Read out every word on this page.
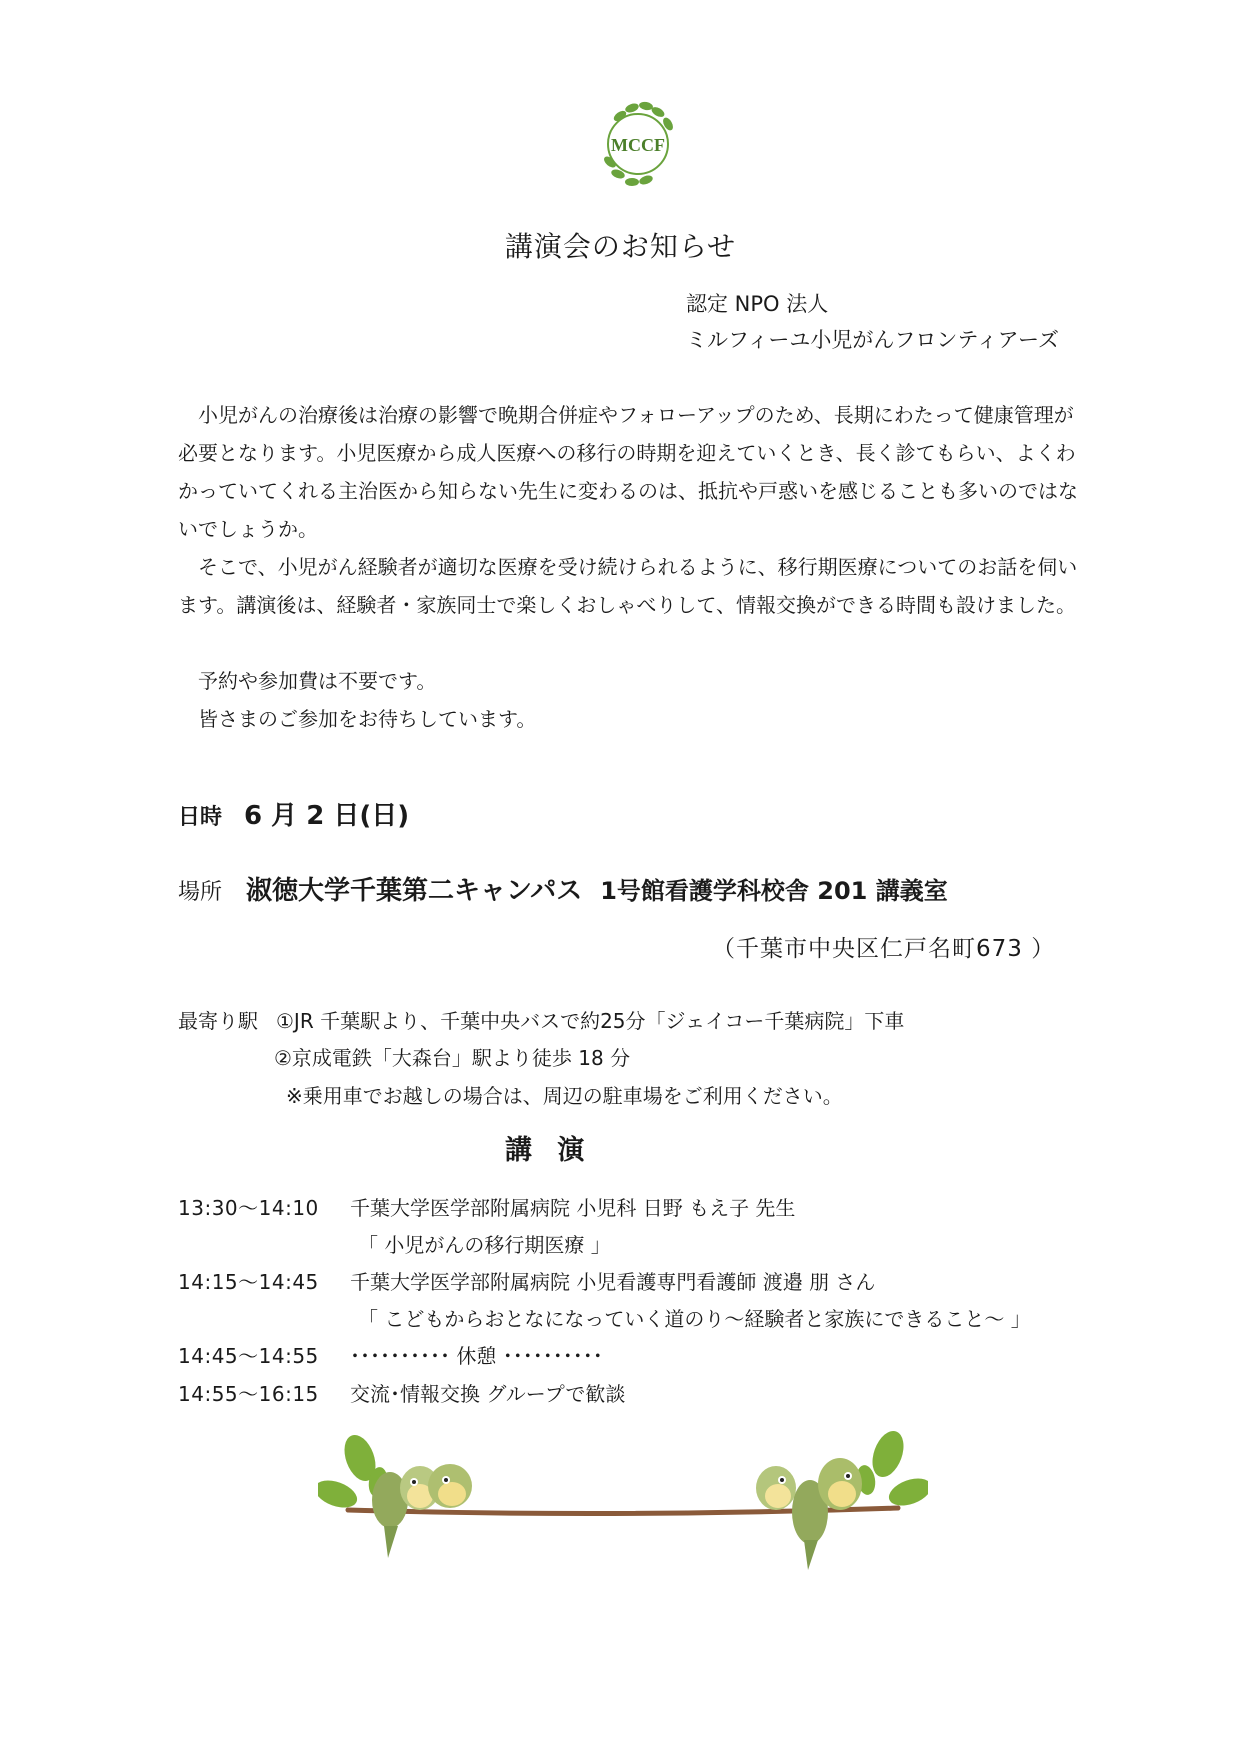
MCCF
講演会のお知らせ
認定 NPO 法人
ミルフィーユ小児がんフロンティアーズ

小児がんの治療後は治療の影響で晩期合併症やフォローアップのため、長期にわたって健康管理が必要となります。小児医療から成人医療への移行の時期を迎えていくとき、長く診てもらい、よくわかっていてくれる主治医から知らない先生に変わるのは、抵抗や戸惑いを感じることも多いのではないでしょうか。

そこで、小児がん経験者が適切な医療を受け続けられるように、移行期医療についてのお話を伺います。講演後は、経験者・家族同士で楽しくおしゃべりして、情報交換ができる時間も設けました。

予約や参加費は不要です。

皆さまのご参加をお待ちしています。

日時 6 月 2 日(日)
場所 淑徳大学千葉第二キャンパス 1号館看護学科校舎 201 講義室
（千葉市中央区仁戸名町673 ）
最寄り駅 ①JR 千葉駅より、千葉中央バスで約25分「ジェイコー千葉病院」下車
②京成電鉄「大森台」駅より徒歩 18 分
※乗用車でお越しの場合は、周辺の駐車場をご利用ください。
講 演
13:30～14:10 千葉大学医学部附属病院 小児科 日野 もえ子 先生
「 小児がんの移行期医療 」
14:15～14:45 千葉大学医学部附属病院 小児看護専門看護師 渡邉 朋 さん
「 こどもからおとなになっていく道のり～経験者と家族にできること～ 」
14:45～14:55 ･･････････ 休憩 ･･････････
14:55～16:15 交流･情報交換 グループで歓談
